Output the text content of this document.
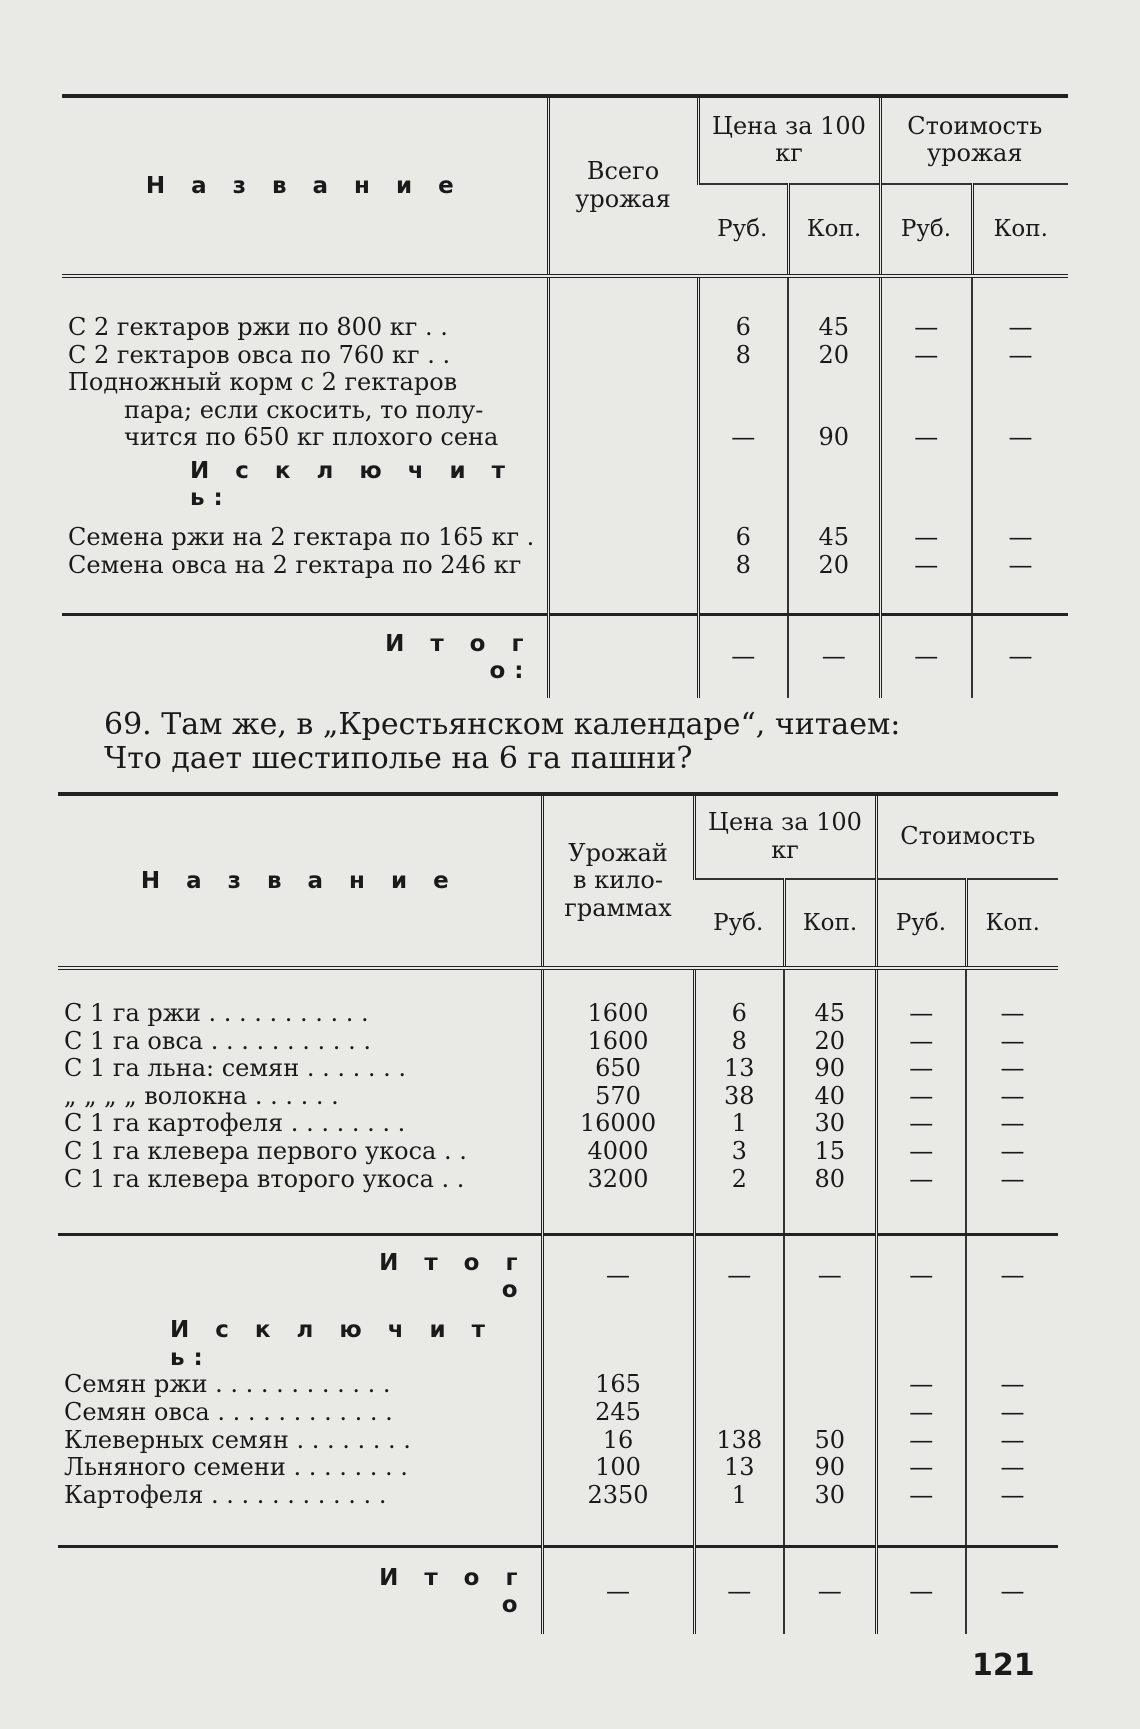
Н а з в а н и е	Всего урожая	Цена за 100 кг		Стоимость урожая	
		Руб.	Коп.	Руб.	Коп.

С 2 гектаров ржи по 800 кг . .		6	45	—	—
С 2 гектаров овса по 760 кг . .		8	20	—	—

Подножный корм с 2 гектаров
пара; если скосить, то полу-
чится по 650 кг плохого сена		—	90	—	—
И с к л ю ч и т ь:					

Семена ржи на 2 гектара по 165 кг .		6	45	—	—
Семена овса на 2 гектара по 246 кг		8	20	—	—

И т о г о:		—	—	—	—

69. Там же, в „Крестьянском календаре“, читаем:

Что дает шестиполье на 6 га пашни?

Н а з в а н и е	Урожай в кило- граммах	Цена за 100 кг		Стоимость	
		Руб.	Коп.	Руб.	Коп.

С 1 га ржи . . . . . . . . . . .	1600	6	45	—	—
С 1 га овса . . . . . . . . . . .	1600	8	20	—	—
С 1 га льна: семян . . . . . . .	650	13	90	—	—
„ „ „ „ волокна . . . . . .	570	38	40	—	—
С 1 га картофеля . . . . . . . .	16000	1	30	—	—
С 1 га клевера первого укоса . .	4000	3	15	—	—
С 1 га клевера второго укоса . .	3200	2	80	—	—

И т о г о	—	—	—	—	—
И с к л ю ч и т ь:					
Семян ржи . . . . . . . . . . . .	165			—	—
Семян овса . . . . . . . . . . . .	245			—	—
Клеверных семян . . . . . . . .	16	138	50	—	—
Льняного семени . . . . . . . .	100	13	90	—	—
Картофеля . . . . . . . . . . . .	2350	1	30	—	—

И т о г о	—	—	—	—	—
121
